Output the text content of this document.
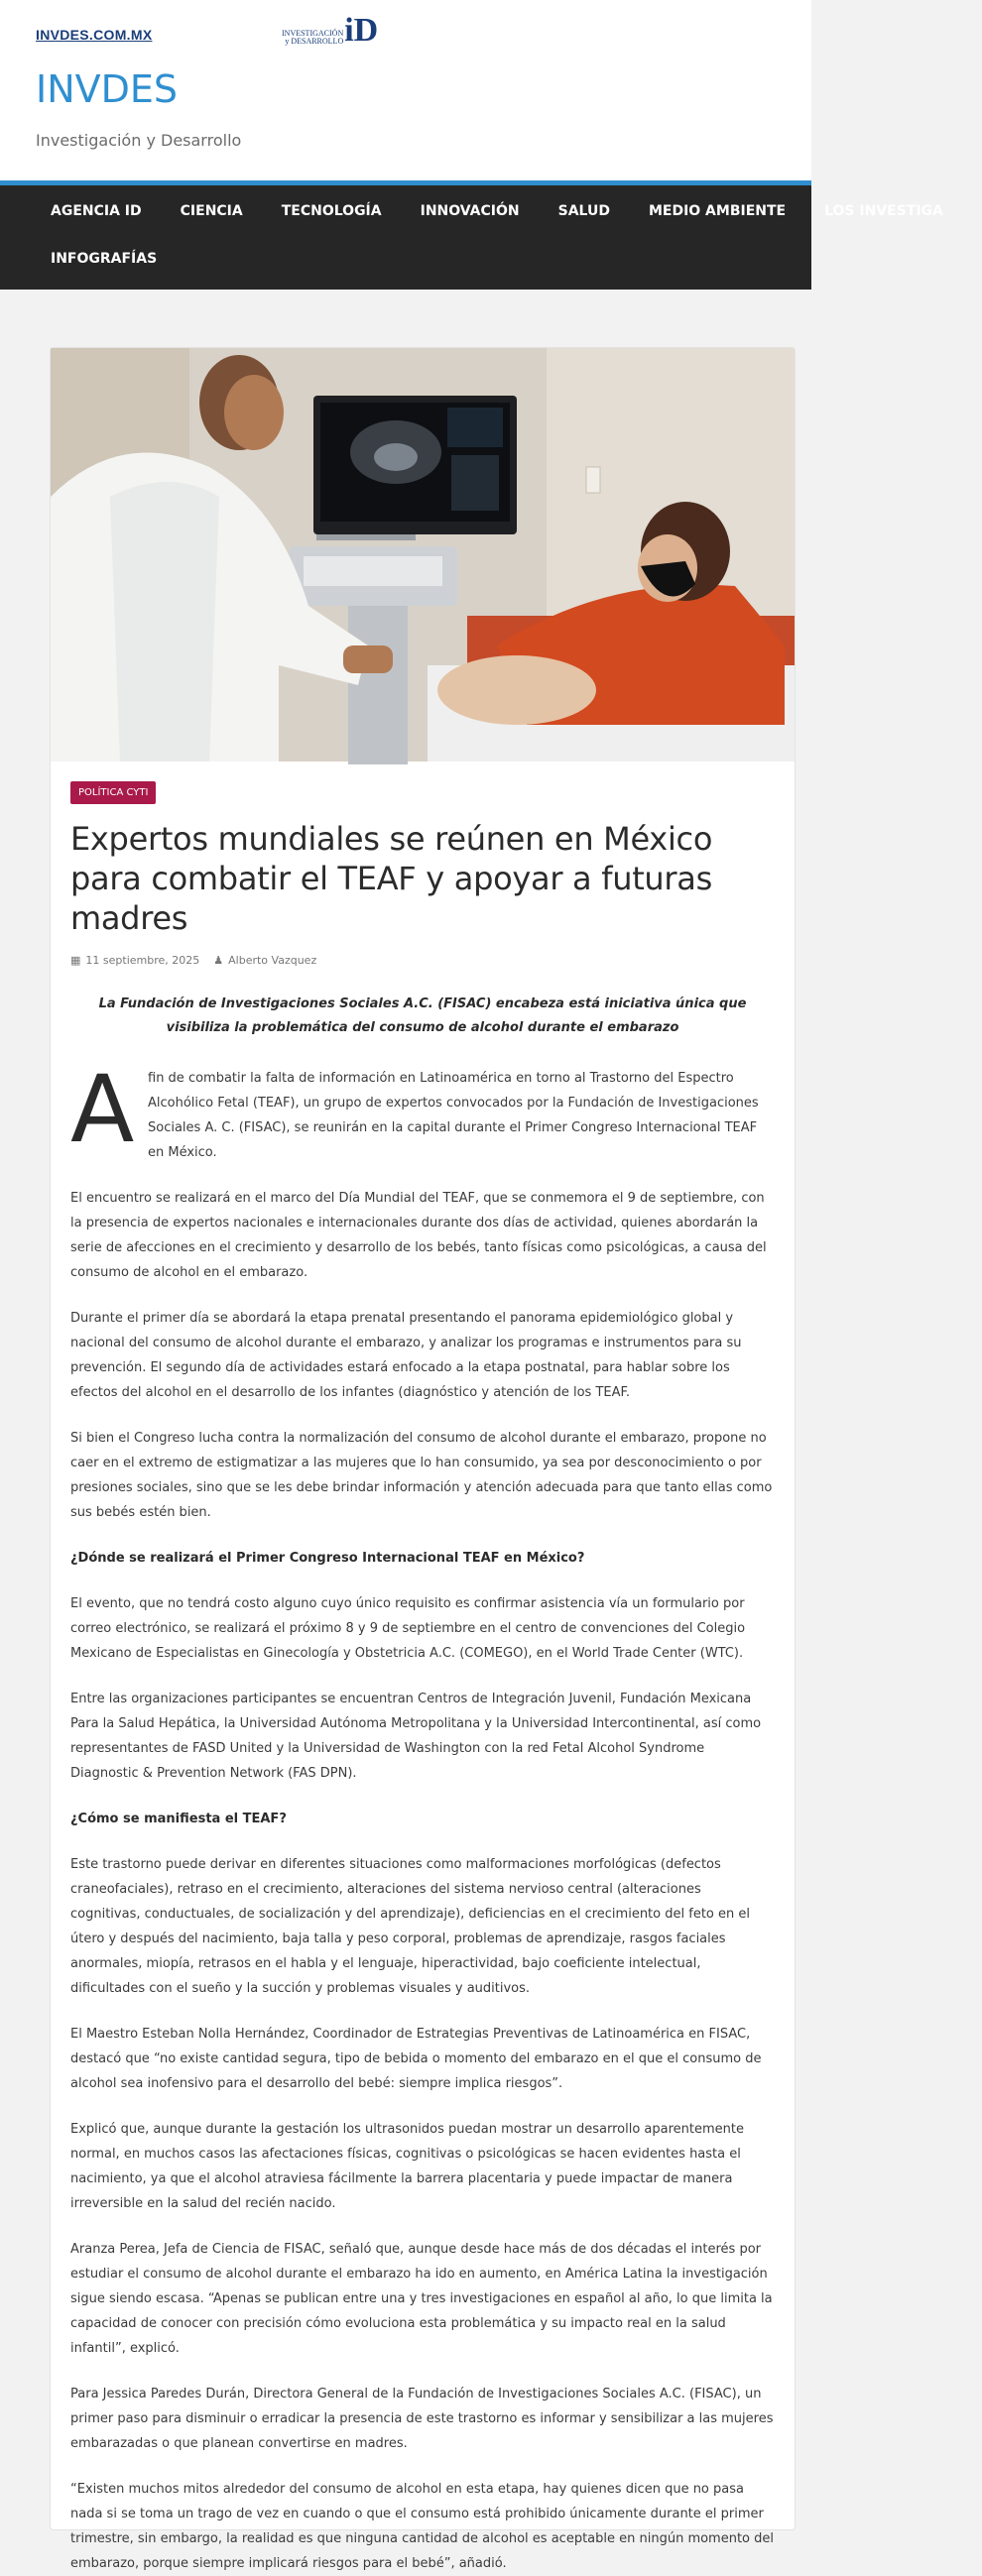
INVDES.COM.MX	INVESTIGACIÓN
y DESARROLLO iD
INVDES
Investigación y Desarrollo
AGENCIA ID	CIENCIA	TECNOLOGÍA	INNOVACIÓN	SALUD	MEDIO AMBIENTE	LOS INVESTIGA
INFOGRAFÍAS
POLÍTICA CYTI
Expertos mundiales se reúnen en México para combatir el TEAF y apoyar a futuras madres
▦ 11 septiembre, 2025 ♟ Alberto Vazquez

La Fundación de Investigaciones Sociales A.C. (FISAC) encabeza está iniciativa única que visibiliza la problemática del consumo de alcohol durante el embarazo

A	fin de combatir la falta de información en Latinoamérica en torno al Trastorno del Espectro Alcohólico Fetal (TEAF), un grupo de expertos convocados por la Fundación de Investigaciones Sociales A. C. (FISAC), se reunirán en la capital durante el Primer Congreso Internacional TEAF en México.

El encuentro se realizará en el marco del Día Mundial del TEAF, que se conmemora el 9 de septiembre, con la presencia de expertos nacionales e internacionales durante dos días de actividad, quienes abordarán la serie de afecciones en el crecimiento y desarrollo de los bebés, tanto físicas como psicológicas, a causa del consumo de alcohol en el embarazo.

Durante el primer día se abordará la etapa prenatal presentando el panorama epidemiológico global y nacional del consumo de alcohol durante el embarazo, y analizar los programas e instrumentos para su prevención. El segundo día de actividades estará enfocado a la etapa postnatal, para hablar sobre los efectos del alcohol en el desarrollo de los infantes (diagnóstico y atención de los TEAF.

Si bien el Congreso lucha contra la normalización del consumo de alcohol durante el embarazo, propone no caer en el extremo de estigmatizar a las mujeres que lo han consumido, ya sea por desconocimiento o por presiones sociales, sino que se les debe brindar información y atención adecuada para que tanto ellas como sus bebés estén bien.

¿Dónde se realizará el Primer Congreso Internacional TEAF en México?

El evento, que no tendrá costo alguno cuyo único requisito es confirmar asistencia vía un formulario por correo electrónico, se realizará el próximo 8 y 9 de septiembre en el centro de convenciones del Colegio Mexicano de Especialistas en Ginecología y Obstetricia A.C. (COMEGO), en el World Trade Center (WTC).

Entre las organizaciones participantes se encuentran Centros de Integración Juvenil, Fundación Mexicana Para la Salud Hepática, la Universidad Autónoma Metropolitana y la Universidad Intercontinental, así como representantes de FASD United y la Universidad de Washington con la red Fetal Alcohol Syndrome Diagnostic & Prevention Network (FAS DPN).

¿Cómo se manifiesta el TEAF?

Este trastorno puede derivar en diferentes situaciones como malformaciones morfológicas (defectos craneofaciales), retraso en el crecimiento, alteraciones del sistema nervioso central (alteraciones cognitivas, conductuales, de socialización y del aprendizaje), deficiencias en el crecimiento del feto en el útero y después del nacimiento, baja talla y peso corporal, problemas de aprendizaje, rasgos faciales anormales, miopía, retrasos en el habla y el lenguaje, hiperactividad, bajo coeficiente intelectual, dificultades con el sueño y la succión y problemas visuales y auditivos.

El Maestro Esteban Nolla Hernández, Coordinador de Estrategias Preventivas de Latinoamérica en FISAC, destacó que “no existe cantidad segura, tipo de bebida o momento del embarazo en el que el consumo de alcohol sea inofensivo para el desarrollo del bebé: siempre implica riesgos”.

Explicó que, aunque durante la gestación los ultrasonidos puedan mostrar un desarrollo aparentemente normal, en muchos casos las afectaciones físicas, cognitivas o psicológicas se hacen evidentes hasta el nacimiento, ya que el alcohol atraviesa fácilmente la barrera placentaria y puede impactar de manera irreversible en la salud del recién nacido.

Aranza Perea, Jefa de Ciencia de FISAC, señaló que, aunque desde hace más de dos décadas el interés por estudiar el consumo de alcohol durante el embarazo ha ido en aumento, en América Latina la investigación sigue siendo escasa. “Apenas se publican entre una y tres investigaciones en español al año, lo que limita la capacidad de conocer con precisión cómo evoluciona esta problemática y su impacto real en la salud infantil”, explicó.

Para Jessica Paredes Durán, Directora General de la Fundación de Investigaciones Sociales A.C. (FISAC), un primer paso para disminuir o erradicar la presencia de este trastorno es informar y sensibilizar a las mujeres embarazadas o que planean convertirse en madres.

“Existen muchos mitos alrededor del consumo de alcohol en esta etapa, hay quienes dicen que no pasa nada si se toma un trago de vez en cuando o que el consumo está prohibido únicamente durante el primer trimestre, sin embargo, la realidad es que ninguna cantidad de alcohol es aceptable en ningún momento del embarazo, porque siempre implicará riesgos para el bebé”, añadió.
